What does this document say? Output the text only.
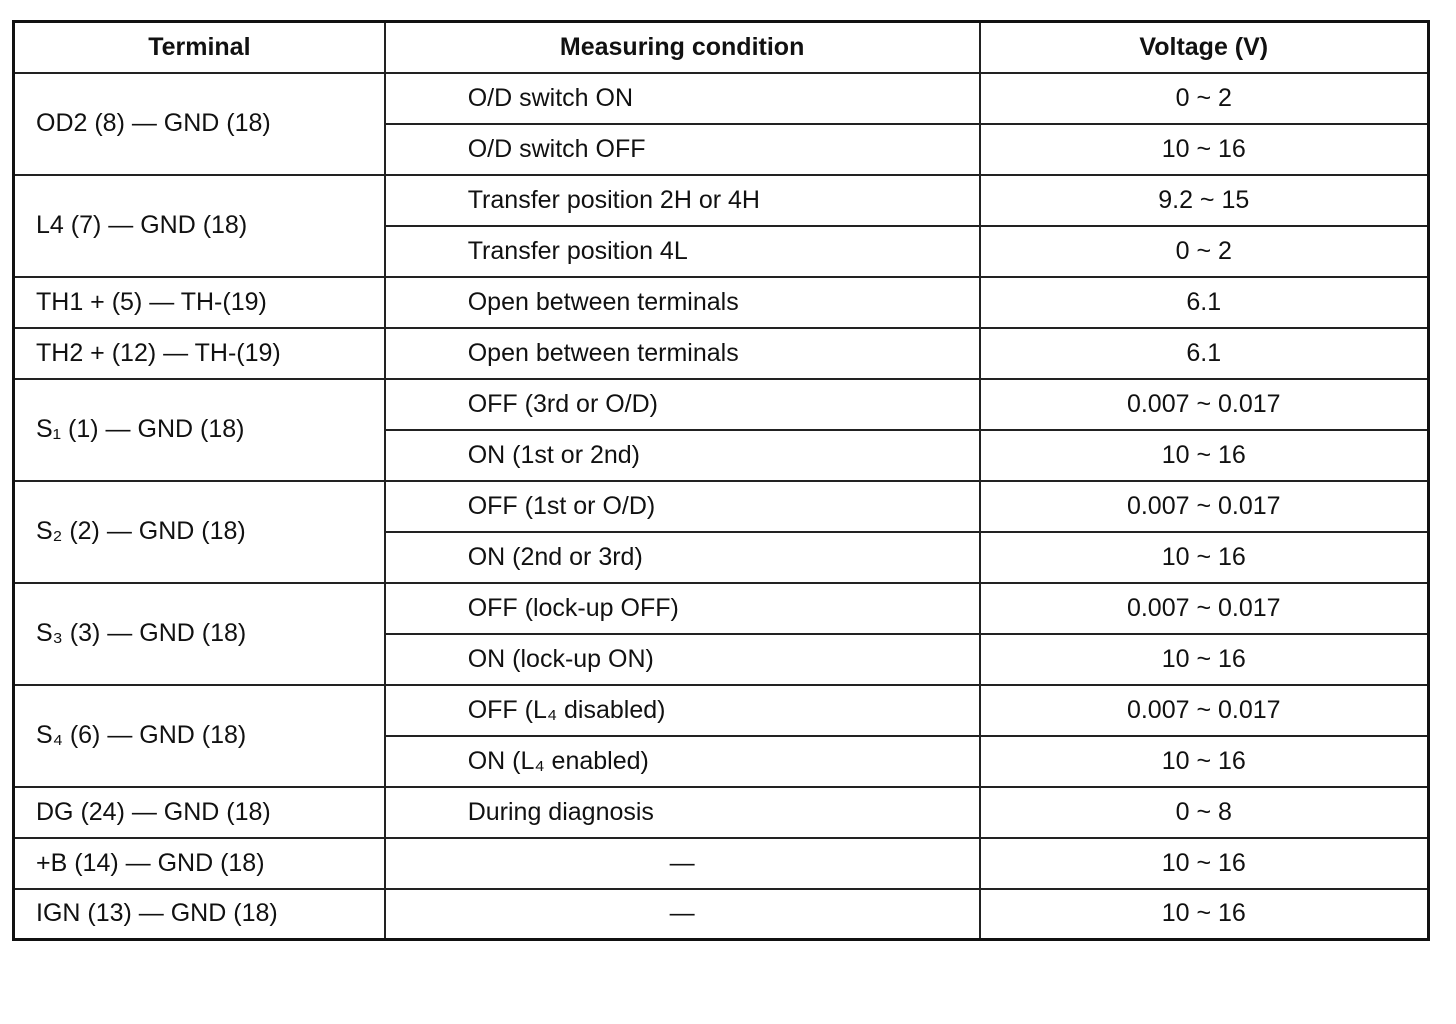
Terminal	Measuring condition	Voltage (V)
OD2 (8) — GND (18)	O/D switch ON	0 ~ 2
	O/D switch OFF	10 ~ 16
L4 (7) — GND (18)	Transfer position 2H or 4H	9.2 ~ 15
	Transfer position 4L	0 ~ 2
TH1 + (5) — TH-(19)	Open between terminals	6.1
TH2 + (12) — TH-(19)	Open between terminals	6.1
S₁ (1) — GND (18)	OFF (3rd or O/D)	0.007 ~ 0.017
	ON (1st or 2nd)	10 ~ 16
S₂ (2) — GND (18)	OFF (1st or O/D)	0.007 ~ 0.017
	ON (2nd or 3rd)	10 ~ 16
S₃ (3) — GND (18)	OFF (lock-up OFF)	0.007 ~ 0.017
	ON (lock-up ON)	10 ~ 16
S₄ (6) — GND (18)	OFF (L₄ disabled)	0.007 ~ 0.017
	ON (L₄ enabled)	10 ~ 16
DG (24) — GND (18)	During diagnosis	0 ~ 8
+B (14) — GND (18)	—	10 ~ 16
IGN (13) — GND (18)	—	10 ~ 16
